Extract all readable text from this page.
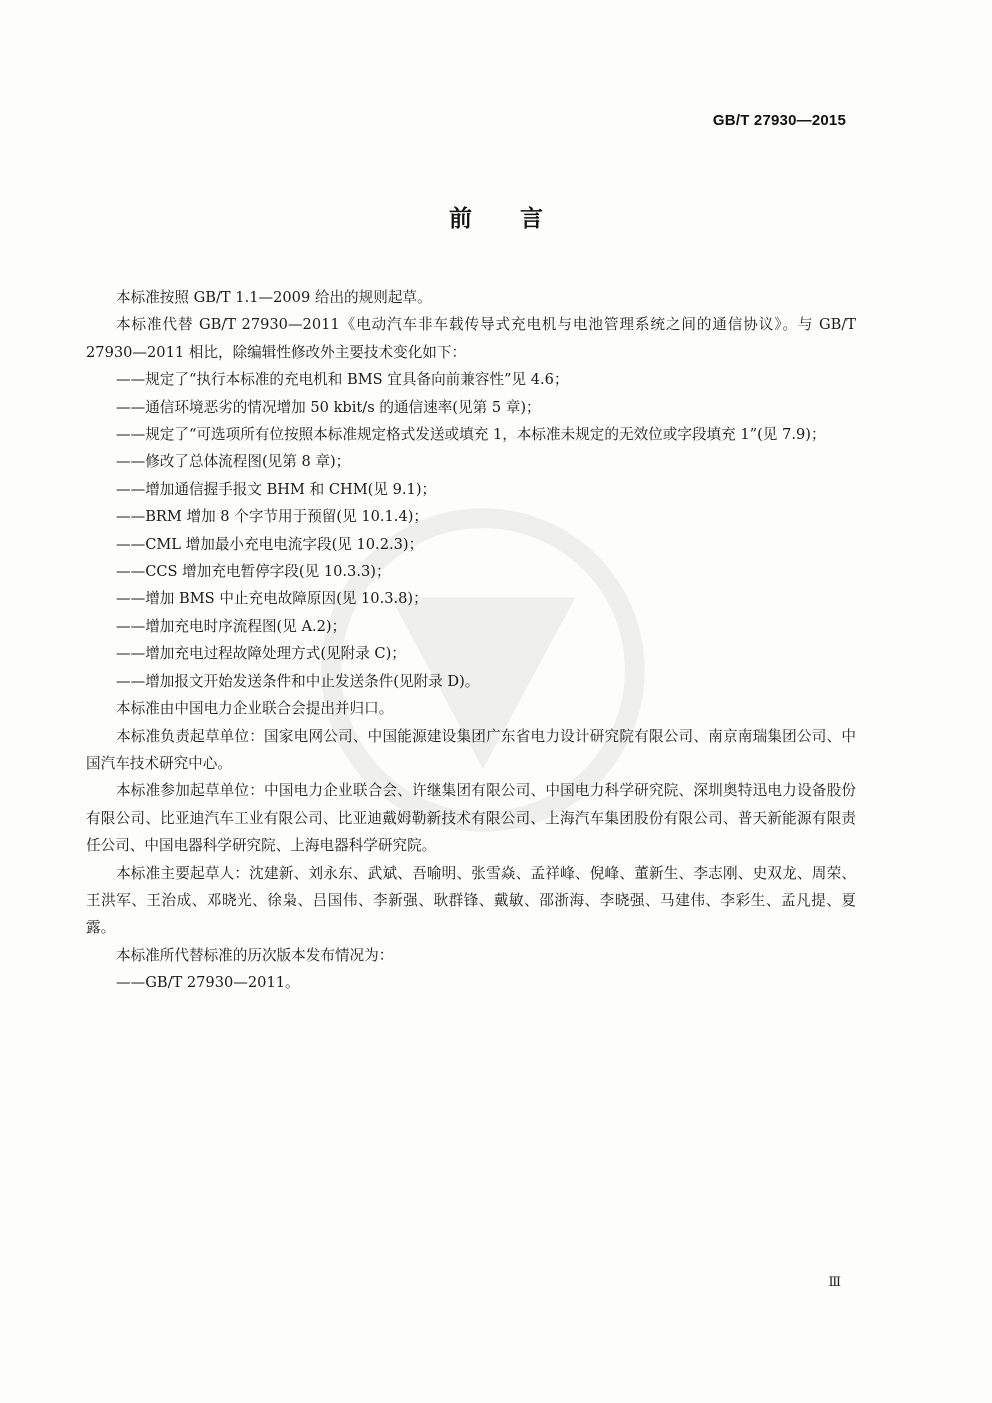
GB/T 27930—2015
前言

本标准按照 GB/T 1.1—2009 给出的规则起草。

本标准代替 GB/T 27930—2011《电动汽车非车载传导式充电机与电池管理系统之间的通信协议》。与 GB/T 27930—2011 相比，除编辑性修改外主要技术变化如下：

——规定了“执行本标准的充电机和 BMS 宜具备向前兼容性”见 4.6；

——通信环境恶劣的情况增加 50 kbit/s 的通信速率(见第 5 章)；

——规定了“可选项所有位按照本标准规定格式发送或填充 1，本标准未规定的无效位或字段填充 1”(见 7.9)；

——修改了总体流程图(见第 8 章)；

——增加通信握手报文 BHM 和 CHM(见 9.1)；

——BRM 增加 8 个字节用于预留(见 10.1.4)；

——CML 增加最小充电电流字段(见 10.2.3)；

——CCS 增加充电暂停字段(见 10.3.3)；

——增加 BMS 中止充电故障原因(见 10.3.8)；

——增加充电时序流程图(见 A.2)；

——增加充电过程故障处理方式(见附录 C)；

——增加报文开始发送条件和中止发送条件(见附录 D)。

本标准由中国电力企业联合会提出并归口。

本标准负责起草单位：国家电网公司、中国能源建设集团广东省电力设计研究院有限公司、南京南瑞集团公司、中国汽车技术研究中心。

本标准参加起草单位：中国电力企业联合会、许继集团有限公司、中国电力科学研究院、深圳奥特迅电力设备股份有限公司、比亚迪汽车工业有限公司、比亚迪戴姆勒新技术有限公司、上海汽车集团股份有限公司、普天新能源有限责任公司、中国电器科学研究院、上海电器科学研究院。

本标准主要起草人：沈建新、刘永东、武斌、吾喻明、张雪焱、孟祥峰、倪峰、董新生、李志刚、史双龙、周荣、王洪军、王治成、邓晓光、徐枭、吕国伟、李新强、耿群锋、戴敏、邵浙海、李晓强、马建伟、李彩生、孟凡提、夏露。

本标准所代替标准的历次版本发布情况为：

——GB/T 27930—2011。

Ⅲ
